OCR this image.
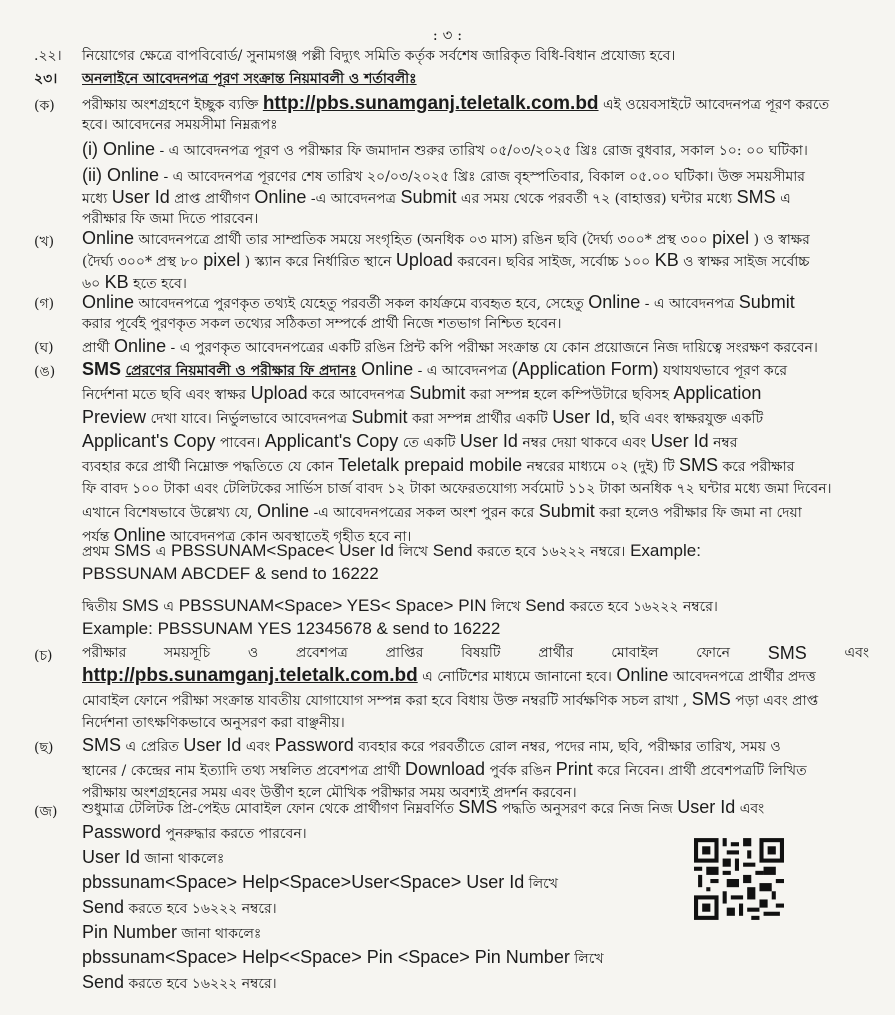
: ৩ :
.২২। নিয়োগের ক্ষেত্রে বাপবিবোর্ড/ সুনামগঞ্জ পল্লী বিদ্যুৎ সমিতি কর্তৃক সর্বশেষ জারিকৃত বিধি-বিধান প্রযোজ্য হবে।
২৩। অনলাইনে আবেদনপত্র পূরণ সংক্রান্ত নিয়মাবলী ও শর্তাবলীঃ
(ক) পরীক্ষায় অংশগ্রহণে ইচ্ছুক ব্যক্তি http://pbs.sunamganj.teletalk.com.bd এই ওয়েবসাইটে আবেদনপত্র পূরণ করতে
হবে। আবেদনের সময়সীমা নিম্নরূপঃ
(i) Online - এ আবেদনপত্র পূরণ ও পরীক্ষার ফি জমাদান শুরুর তারিখ ০৫/০৩/২০২৫ খ্রিঃ রোজ বুধবার, সকাল ১০: ০০ ঘটিকা।
(ii) Online - এ আবেদনপত্র পূরণের শেষ তারিখ ২০/০৩/২০২৫ খ্রিঃ রোজ বৃহস্পতিবার, বিকাল ০৫.০০ ঘটিকা। উক্ত সময়সীমার
মধ্যে User Id প্রাপ্ত প্রার্থীগণ Online -এ আবেদনপত্র Submit এর সময় থেকে পরবর্তী ৭২ (বাহাত্তর) ঘন্টার মধ্যে SMS এ
পরীক্ষার ফি জমা দিতে পারবেন।
(খ) Online আবেদনপত্রে প্রার্থী তার সাম্প্রতিক সময়ে সংগৃহিত (অনধিক ০৩ মাস) রঙিন ছবি (দৈর্ঘ্য ৩০০* প্রস্থ ৩০০ pixel ) ও স্বাক্ষর
(দৈর্ঘ্য ৩০০* প্রস্থ ৮০ pixel ) স্ক্যান করে নির্ধারিত স্থানে Upload করবেন। ছবির সাইজ, সর্বোচ্চ ১০০ KB ও স্বাক্ষর সাইজ সর্বোচ্চ
৬০ KB হতে হবে।
(গ) Online আবেদনপত্রে পুরণকৃত তথ্যই যেহেতু পরবর্তী সকল কার্যক্রমে ব্যবহৃত হবে, সেহেতু Online - এ আবেদনপত্র Submit
করার পূর্বেই পুরণকৃত সকল তথ্যের সঠিকতা সম্পর্কে প্রার্থী নিজে শতভাগ নিশ্চিত হবেন।
(ঘ) প্রার্থী Online - এ পুরণকৃত আবেদনপত্রের একটি রঙিন প্রিন্ট কপি পরীক্ষা সংক্রান্ত যে কোন প্রয়োজনে নিজ দায়িত্বে সংরক্ষণ করবেন।
(ঙ) SMS প্রেরণের নিয়মাবলী ও পরীক্ষার ফি প্রদানঃ Online - এ আবেদনপত্র (Application Form) যথাযথভাবে পূরণ করে
নির্দেশনা মতে ছবি এবং স্বাক্ষর Upload করে আবেদনপত্র Submit করা সম্পন্ন হলে কম্পিউটারে ছবিসহ Application
Preview দেখা যাবে। নির্ভুলভাবে আবেদনপত্র Submit করা সম্পন্ন প্রার্থীর একটি User Id, ছবি এবং স্বাক্ষরযুক্ত একটি
Applicant's Copy পাবেন। Applicant's Copy তে একটি User Id নম্বর দেয়া থাকবে এবং User Id নম্বর
ব্যবহার করে প্রার্থী নিম্নোক্ত পদ্ধতিতে যে কোন Teletalk prepaid mobile নম্বরের মাধ্যমে ০২ (দুই) টি SMS করে পরীক্ষার
ফি বাবদ ১০০ টাকা এবং টেলিটকের সার্ভিস চার্জ বাবদ ১২ টাকা অফেরতযোগ্য সর্বমোট ১১২ টাকা অনধিক ৭২ ঘন্টার মধ্যে জমা দিবেন।
এখানে বিশেষভাবে উল্লেখ্য যে, Online -এ আবেদনপত্রের সকল অংশ পুরন করে Submit করা হলেও পরীক্ষার ফি জমা না দেয়া
পর্যন্ত Online আবেদনপত্র কোন অবস্থাতেই গৃহীত হবে না।
প্রথম SMS এ PBSSUNAM<Space< User Id লিখে Send করতে হবে ১৬২২২ নম্বরে। Example:
PBSSUNAM ABCDEF & send to 16222
দ্বিতীয় SMS এ PBSSUNAM<Space> YES< Space> PIN লিখে Send করতে হবে ১৬২২২ নম্বরে।
Example: PBSSUNAM YES 12345678 & send to 16222
(চ) পরীক্ষার	সময়সূচি	ও	প্রবেশপত্র	প্রাপ্তির	বিষয়টি	প্রার্থীর	মোবাইল	ফোনে SMS	এবং
http://pbs.sunamganj.teletalk.com.bd এ নোটিশের মাধ্যমে জানানো হবে। Online আবেদনপত্রে প্রার্থীর প্রদত্ত
মোবাইল ফোনে পরীক্ষা সংক্রান্ত যাবতীয় যোগাযোগ সম্পন্ন করা হবে বিধায় উক্ত নম্বরটি সার্বক্ষণিক সচল রাখা , SMS পড়া এবং প্রাপ্ত
নির্দেশনা তাৎক্ষণিকভাবে অনুসরণ করা বাঞ্ছনীয়।
(ছ) SMS এ প্রেরিত User Id এবং Password ব্যবহার করে পরবর্তীতে রোল নম্বর, পদের নাম, ছবি, পরীক্ষার তারিখ, সময় ও
স্থানের / কেন্দ্রের নাম ইত্যাদি তথ্য সম্বলিত প্রবেশপত্র প্রার্থী Download পুর্বক রঙিন Print করে নিবেন। প্রার্থী প্রবেশপত্রটি লিখিত
পরীক্ষায় অংশগ্রহনের সময় এবং উর্ত্তীণ হলে মৌখিক পরীক্ষার সময় অবশ্যই প্রদর্শন করবেন।
(জ) শুধুমাত্র টেলিটক প্রি-পেইড মোবাইল ফোন থেকে প্রার্থীগণ নিম্নবর্ণিত SMS পদ্ধতি অনুসরণ করে নিজ নিজ User Id এবং
Password পুনরুদ্ধার করতে পারবেন।
User Id জানা থাকলেঃ
pbssunam<Space> Help<Space>User<Space> User Id লিখে
Send করতে হবে ১৬২২২ নম্বরে।
Pin Number জানা থাকলেঃ
pbssunam<Space> Help<<Space> Pin <Space> Pin Number লিখে
Send করতে হবে ১৬২২২ নম্বরে।
